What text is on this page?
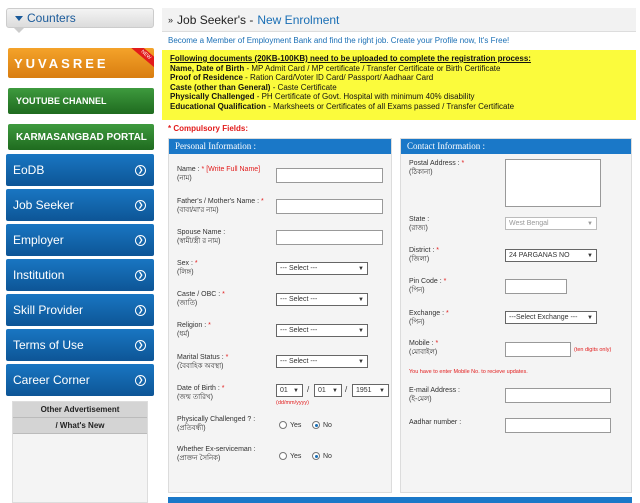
Counters
YUVASREE
NEW
YOUTUBE CHANNEL
KARMASANGBAD PORTAL
EoDB	❯
Job Seeker	❯
Employer	❯
Institution	❯
Skill Provider	❯
Terms of Use	❯
Career Corner	❯
Other Advertisement
/ What's New
» Job Seeker's - New Enrolment
Become a Member of Employment Bank and find the right job. Create your Profile now, It's Free!
Following documents (20KB-100KB) need to be uploaded to complete the registration process:
Name, Date of Birth - MP Admit Card / MP certificate / Transfer Certificate or Birth Certificate
Proof of Residence - Ration Card/Voter ID Card/ Passport/ Aadhaar Card
Caste (other than General) - Caste Certificate
Physically Challenged - PH Certificate of Govt. Hospital with minimum 40% disability
Educational Qualification - Marksheets or Certificates of all Exams passed / Transfer Certificate
* Compulsory Fields:
Personal Information :
Name : * [Write Full Name]
(নাম)
Father's / Mother's Name : *
(বাবা/মা'র নাম)
Spouse Name :
(স্বামী/স্ত্রী র নাম)
Sex : *
(লিঙ্গ)
--- Select ---	▼
Caste / OBC : *
(জাতি)
--- Select ---	▼
Religion : *
(ধর্ম)
--- Select ---	▼
Marital Status : *
(বৈবাহিক অবস্থা)
--- Select ---	▼
Date of Birth : *
(জন্ম তারিখ)
01 ▼ / 01 ▼ / 1951 ▼
(dd/mm/yyyy)
Physically Challenged ? :
(প্রতিবন্ধী)	Yes	No
Whether Ex-serviceman :
(প্রাক্তন সৈনিক)	Yes	No
Contact Information :
Postal Address : *
(ঠিকানা)
State :
(রাজ্য)
West Bengal	▼
District : *
(জিলা)
24 PARGANAS NO	▼
Pin Code : *
(পিন)
Exchange : *
(পিন)
---Select Exchange --- ▼
Mobile : *
(মোবাইল)	(ten digits only)
You have to enter Mobile No. to recieve updates.
E-mail Address :
(ই-মেল)
Aadhar number :
